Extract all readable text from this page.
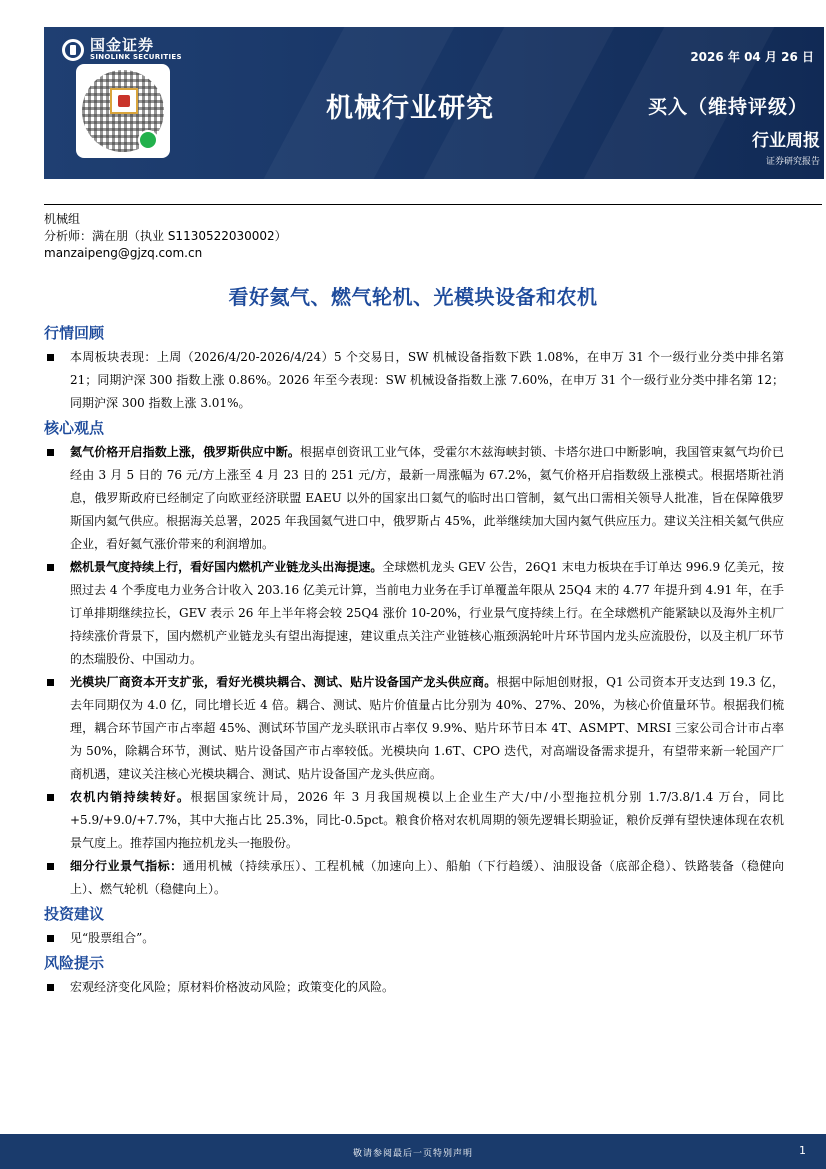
国金证券
SINOLINK SECURITIES	2026 年 04 月 26 日
机械行业研究	买入（维持评级）
行业周报
证券研究报告
机械组
分析师：满在朋（执业 S1130522030002）
manzaipeng@gjzq.com.cn
看好氦气、燃气轮机、光模块设备和农机
行情回顾
本周板块表现：上周（2026/4/20-2026/4/24）5 个交易日，SW 机械设备指数下跌 1.08%，在申万 31 个一级行业分类中排名第 21；同期沪深 300 指数上涨 0.86%。2026 年至今表现：SW 机械设备指数上涨 7.60%，在申万 31 个一级行业分类中排名第 12；同期沪深 300 指数上涨 3.01%。
核心观点
氦气价格开启指数上涨，俄罗斯供应中断。根据卓创资讯工业气体，受霍尔木兹海峡封锁、卡塔尔进口中断影响，我国管束氦气均价已经由 3 月 5 日的 76 元/方上涨至 4 月 23 日的 251 元/方，最新一周涨幅为 67.2%，氦气价格开启指数级上涨模式。根据塔斯社消息，俄罗斯政府已经制定了向欧亚经济联盟 EAEU 以外的国家出口氦气的临时出口管制，氦气出口需相关领导人批准，旨在保障俄罗斯国内氦气供应。根据海关总署，2025 年我国氦气进口中，俄罗斯占 45%，此举继续加大国内氦气供应压力。建议关注相关氦气供应企业，看好氦气涨价带来的利润增加。
燃机景气度持续上行，看好国内燃机产业链龙头出海提速。全球燃机龙头 GEV 公告，26Q1 末电力板块在手订单达 996.9 亿美元，按照过去 4 个季度电力业务合计收入 203.16 亿美元计算，当前电力业务在手订单覆盖年限从 25Q4 末的 4.77 年提升到 4.91 年，在手订单排期继续拉长，GEV 表示 26 年上半年将会较 25Q4 涨价 10-20%，行业景气度持续上行。在全球燃机产能紧缺以及海外主机厂持续涨价背景下，国内燃机产业链龙头有望出海提速，建议重点关注产业链核心瓶颈涡轮叶片环节国内龙头应流股份，以及主机厂环节的杰瑞股份、中国动力。
光模块厂商资本开支扩张，看好光模块耦合、测试、贴片设备国产龙头供应商。根据中际旭创财报，Q1 公司资本开支达到 19.3 亿，去年同期仅为 4.0 亿，同比增长近 4 倍。耦合、测试、贴片价值量占比分别为 40%、27%、20%，为核心价值量环节。根据我们梳理，耦合环节国产市占率超 45%、测试环节国产龙头联讯市占率仅 9.9%、贴片环节日本 4T、ASMPT、MRSI 三家公司合计市占率为 50%，除耦合环节，测试、贴片设备国产市占率较低。光模块向 1.6T、CPO 迭代，对高端设备需求提升，有望带来新一轮国产厂商机遇，建议关注核心光模块耦合、测试、贴片设备国产龙头供应商。
农机内销持续转好。根据国家统计局，2026 年 3 月我国规模以上企业生产大/中/小型拖拉机分别 1.7/3.8/1.4 万台，同比+5.9/+9.0/+7.7%，其中大拖占比 25.3%，同比-0.5pct。粮食价格对农机周期的领先逻辑长期验证，粮价反弹有望快速体现在农机景气度上。推荐国内拖拉机龙头一拖股份。
细分行业景气指标：通用机械（持续承压）、工程机械（加速向上）、船舶（下行趋缓）、油服设备（底部企稳）、铁路装备（稳健向上）、燃气轮机（稳健向上）。
投资建议
见“股票组合”。
风险提示
宏观经济变化风险；原材料价格波动风险；政策变化的风险。
敬请参阅最后一页特别声明	1
